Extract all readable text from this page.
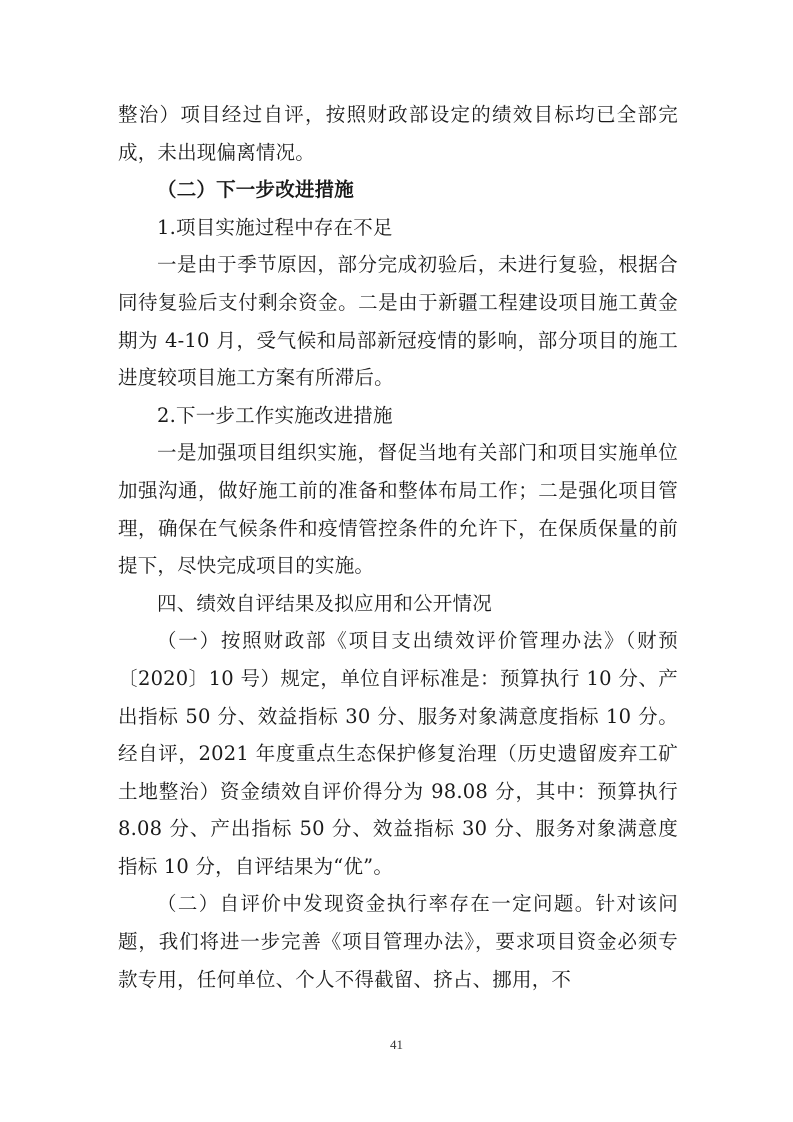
整治）项目经过自评，按照财政部设定的绩效目标均已全部完成，未出现偏离情况。

（二）下一步改进措施

1.项目实施过程中存在不足

一是由于季节原因，部分完成初验后，未进行复验，根据合同待复验后支付剩余资金。二是由于新疆工程建设项目施工黄金期为 4-10 月，受气候和局部新冠疫情的影响，部分项目的施工进度较项目施工方案有所滞后。

2.下一步工作实施改进措施

一是加强项目组织实施，督促当地有关部门和项目实施单位加强沟通，做好施工前的准备和整体布局工作；二是强化项目管理，确保在气候条件和疫情管控条件的允许下，在保质保量的前提下，尽快完成项目的实施。

四、绩效自评结果及拟应用和公开情况

（一）按照财政部《项目支出绩效评价管理办法》（财预〔2020〕10 号）规定，单位自评标准是：预算执行 10 分、产出指标 50 分、效益指标 30 分、服务对象满意度指标 10 分。经自评，2021 年度重点生态保护修复治理（历史遗留废弃工矿土地整治）资金绩效自评价得分为 98.08 分，其中：预算执行 8.08 分、产出指标 50 分、效益指标 30 分、服务对象满意度指标 10 分，自评结果为“优”。

（二）自评价中发现资金执行率存在一定问题。针对该问题，我们将进一步完善《项目管理办法》，要求项目资金必须专款专用，任何单位、个人不得截留、挤占、挪用，不

41
